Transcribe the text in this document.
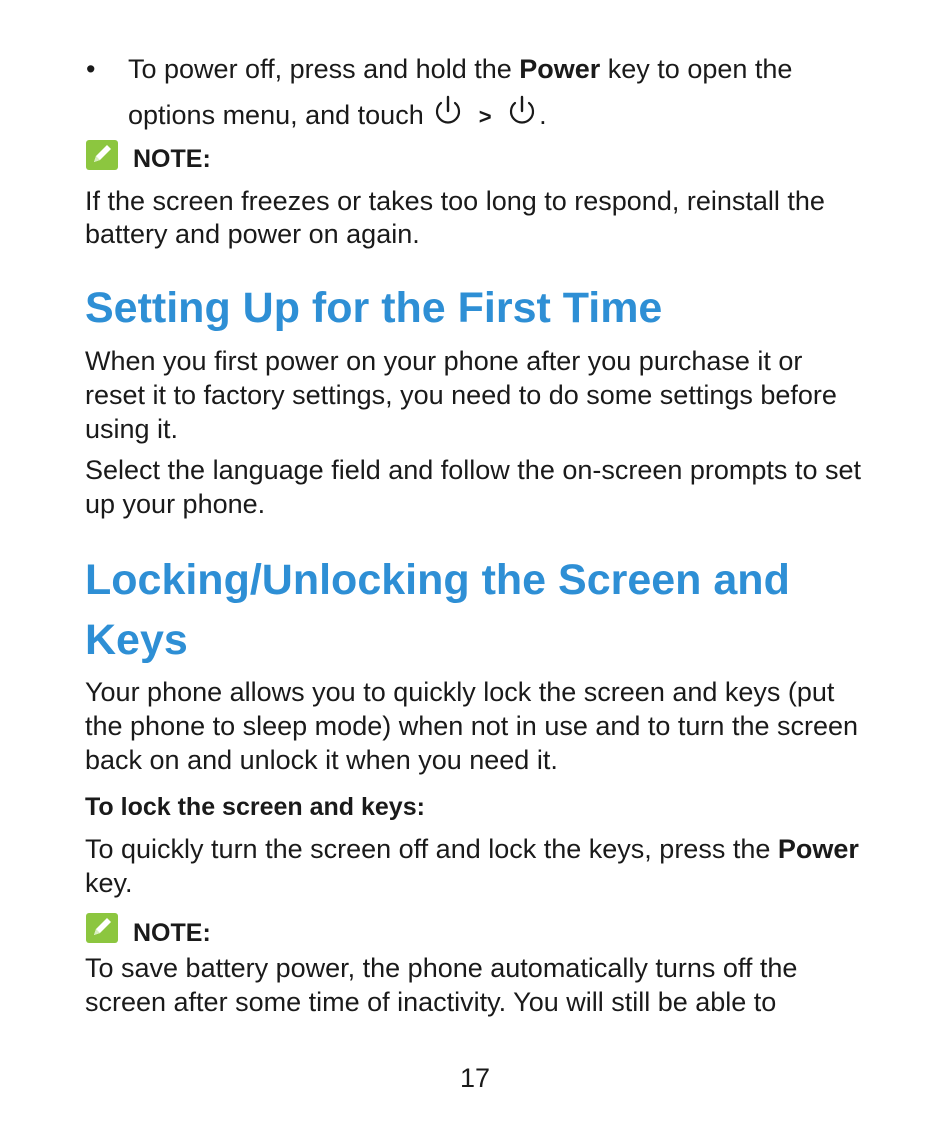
• To power off, press and hold the Power key to open the
options menu, and touch  > .
NOTE:
If the screen freezes or takes too long to respond, reinstall the
battery and power on again.
Setting Up for the First Time
When you first power on your phone after you purchase it or
reset it to factory settings, you need to do some settings before
using it.
Select the language field and follow the on-screen prompts to set
up your phone.
Locking/Unlocking the Screen and
Keys
Your phone allows you to quickly lock the screen and keys (put
the phone to sleep mode) when not in use and to turn the screen
back on and unlock it when you need it.
To lock the screen and keys:
To quickly turn the screen off and lock the keys, press the Power
key.
NOTE:
To save battery power, the phone automatically turns off the
screen after some time of inactivity. You will still be able to
17
